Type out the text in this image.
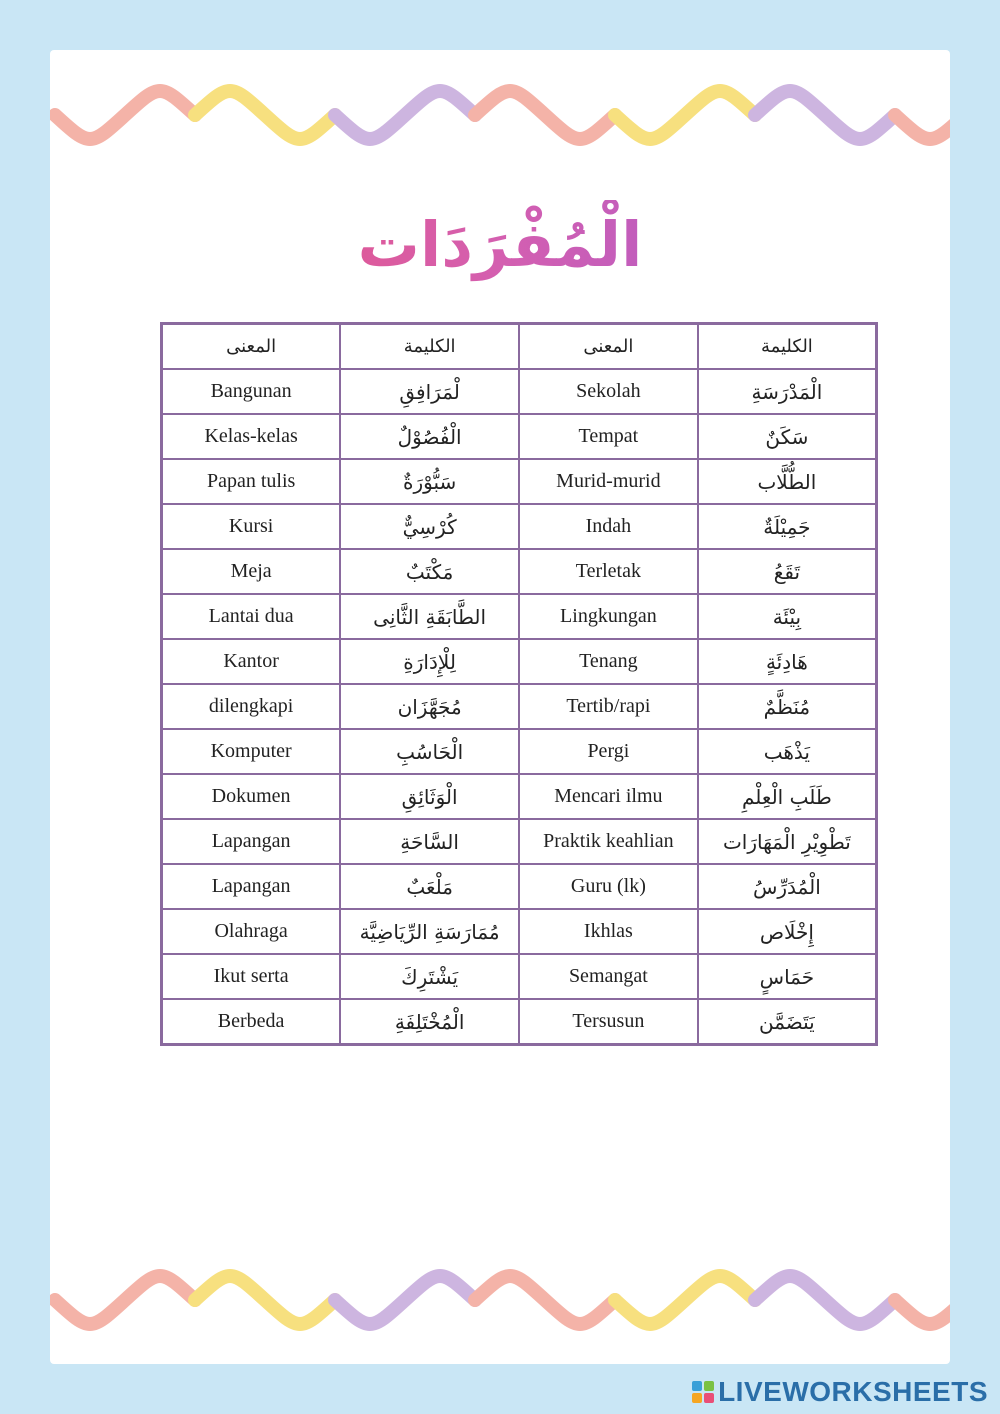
الْمُفْرَدَات
المعنى	الكليمة	المعنى	الكليمة
Bangunan	لْمَرَافِقِ	Sekolah	الْمَدْرَسَةِ
Kelas-kelas	الْفُصُوْلٌ	Tempat	سَكَنٌ
Papan tulis	سَبُّوْرَةٌ	Murid-murid	الطُّلَّاب
Kursi	كُرْسِيٌّ	Indah	جَمِيْلَةٌ
Meja	مَكْتَبٌ	Terletak	تَقَعُ
Lantai dua	الطَّابَقَةِ الثَّانِى	Lingkungan	بِيْئَة
Kantor	لِلْإِدَارَةِ	Tenang	هَادِئَةٍ
dilengkapi	مُجَهَّزَان	Tertib/rapi	مُنَظَّمٌ
Komputer	الْحَاسُبِ	Pergi	يَذْهَب
Dokumen	الْوَثَائِقِ	Mencari ilmu	طَلَبِ الْعِلْمِ
Lapangan	السَّاحَةِ	Praktik keahlian	تَطْوِيْرِ الْمَهَارَات
Lapangan	مَلْعَبٌ	Guru (lk)	الْمُدَرِّسُ
Olahraga	مُمَارَسَةِ الرِّيَاضِيَّة	Ikhlas	إِخْلَاص
Ikut serta	يَشْتَرِكَ	Semangat	حَمَاسٍ
Berbeda	الْمُخْتَلِفَةِ	Tersusun	يَتَضَمَّن
LIVEWORKSHEETS
